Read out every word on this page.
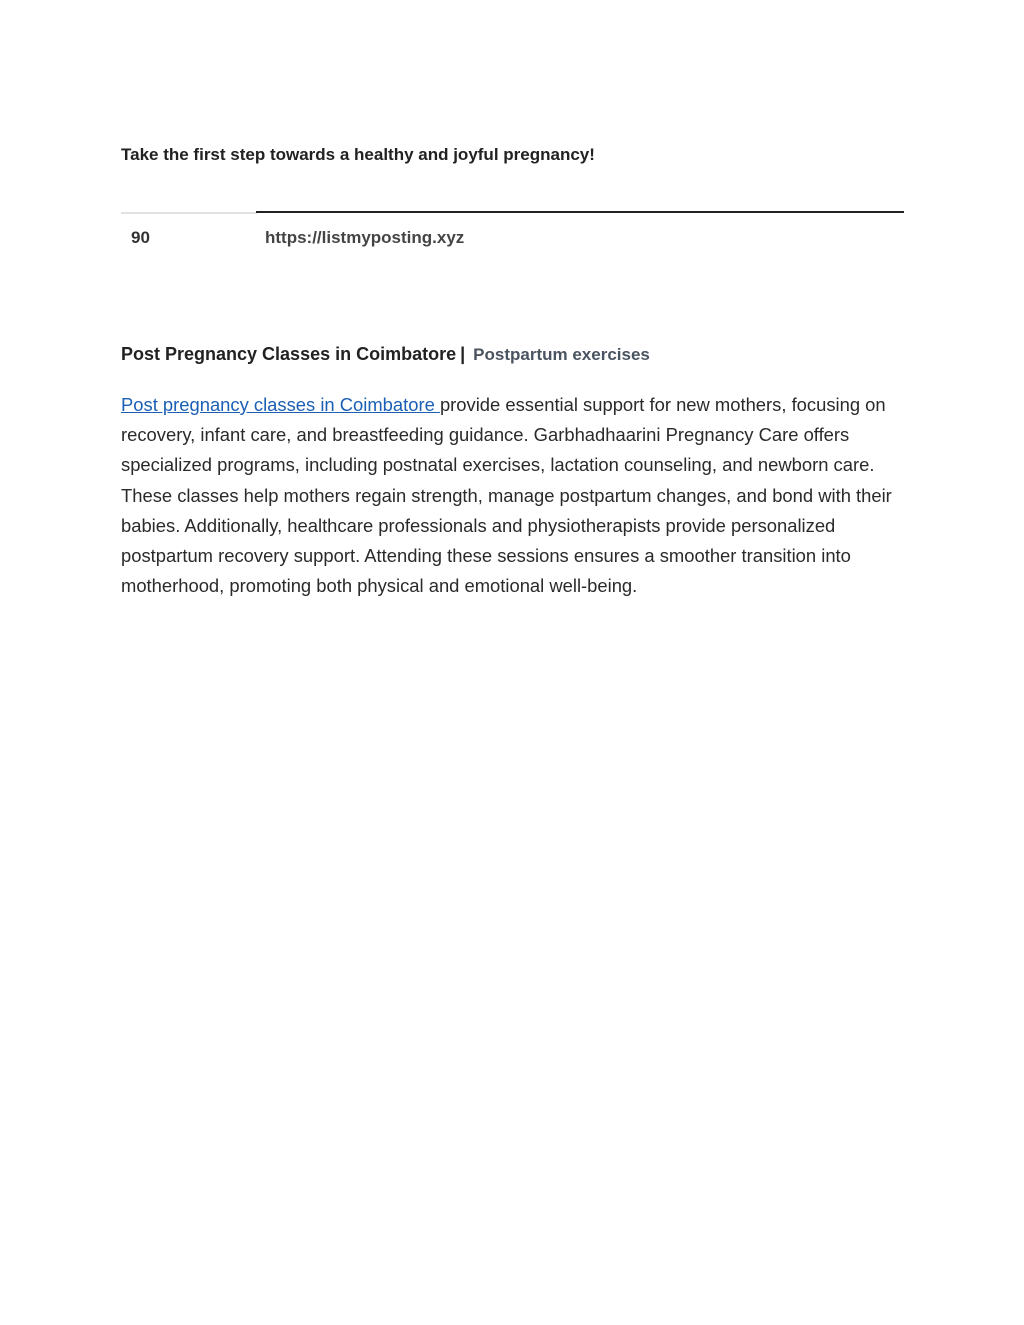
Take the first step towards a healthy and joyful pregnancy!
90	https://listmyposting.xyz
Post Pregnancy Classes in Coimbatore | Postpartum exercises
Post pregnancy classes in Coimbatore provide essential support for new mothers, focusing on recovery, infant care, and breastfeeding guidance. Garbhadhaarini Pregnancy Care offers specialized programs, including postnatal exercises, lactation counseling, and newborn care. These classes help mothers regain strength, manage postpartum changes, and bond with their babies. Additionally, healthcare professionals and physiotherapists provide personalized postpartum recovery support. Attending these sessions ensures a smoother transition into motherhood, promoting both physical and emotional well-being.
